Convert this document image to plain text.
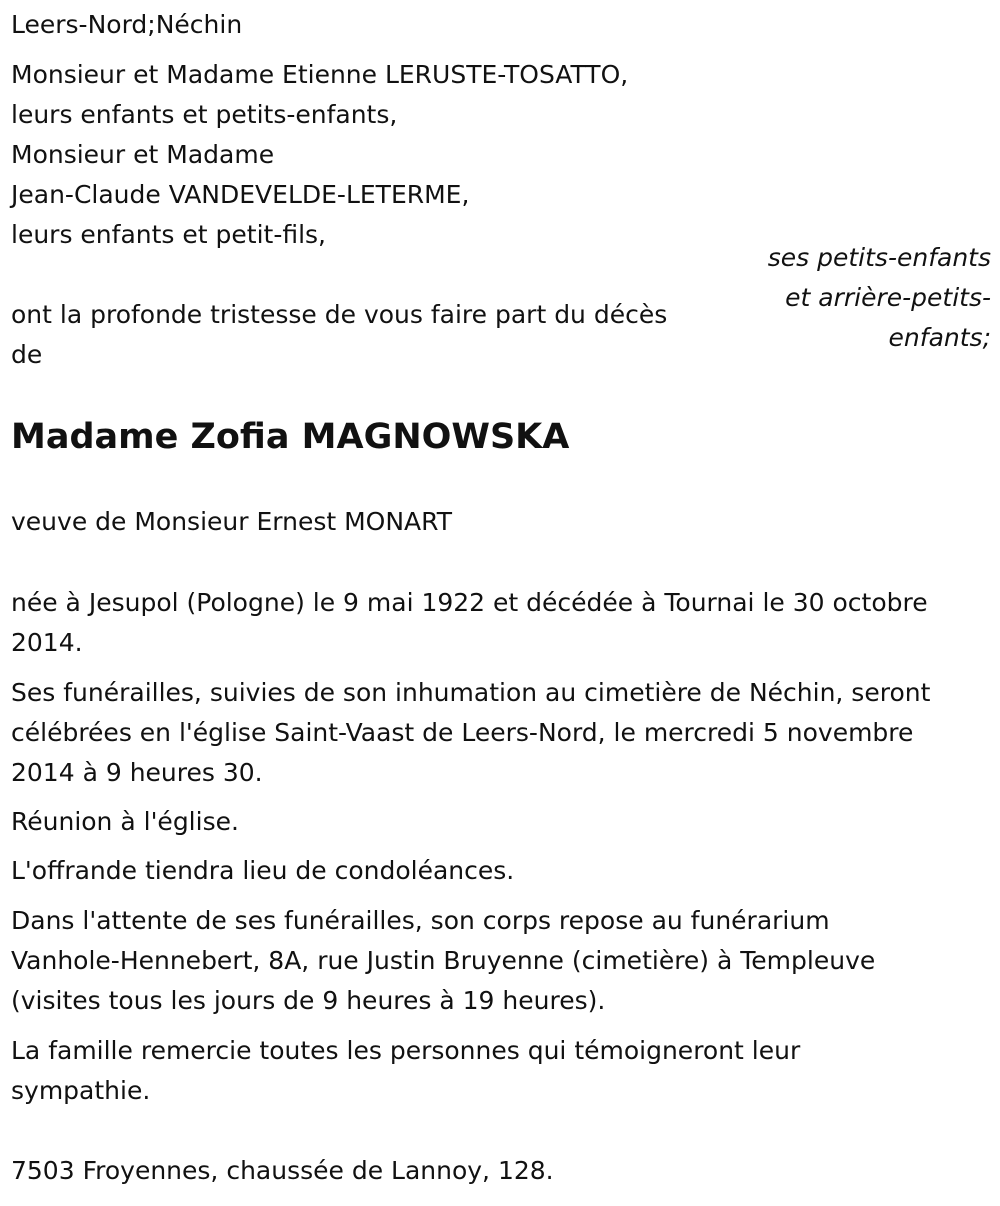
Leers-Nord;Néchin
Monsieur et Madame Etienne LERUSTE-TOSATTO,
leurs enfants et petits-enfants,
Monsieur et Madame
Jean-Claude VANDEVELDE-LETERME,
leurs enfants et petit-fils,
ses petits-enfants
et arrière-petits-
enfants;
ont la profonde tristesse de vous faire part du décès
de
Madame Zofia MAGNOWSKA
veuve de Monsieur Ernest MONART
née à Jesupol (Pologne) le 9 mai 1922 et décédée à Tournai le 30 octobre
2014.
Ses funérailles, suivies de son inhumation au cimetière de Néchin, seront
célébrées en l'église Saint-Vaast de Leers-Nord, le mercredi 5 novembre
2014 à 9 heures 30.
Réunion à l'église.
L'offrande tiendra lieu de condoléances.
Dans l'attente de ses funérailles, son corps repose au funérarium
Vanhole-Hennebert, 8A, rue Justin Bruyenne (cimetière) à Templeuve
(visites tous les jours de 9 heures à 19 heures).
La famille remercie toutes les personnes qui témoigneront leur
sympathie.
7503 Froyennes, chaussée de Lannoy, 128.
